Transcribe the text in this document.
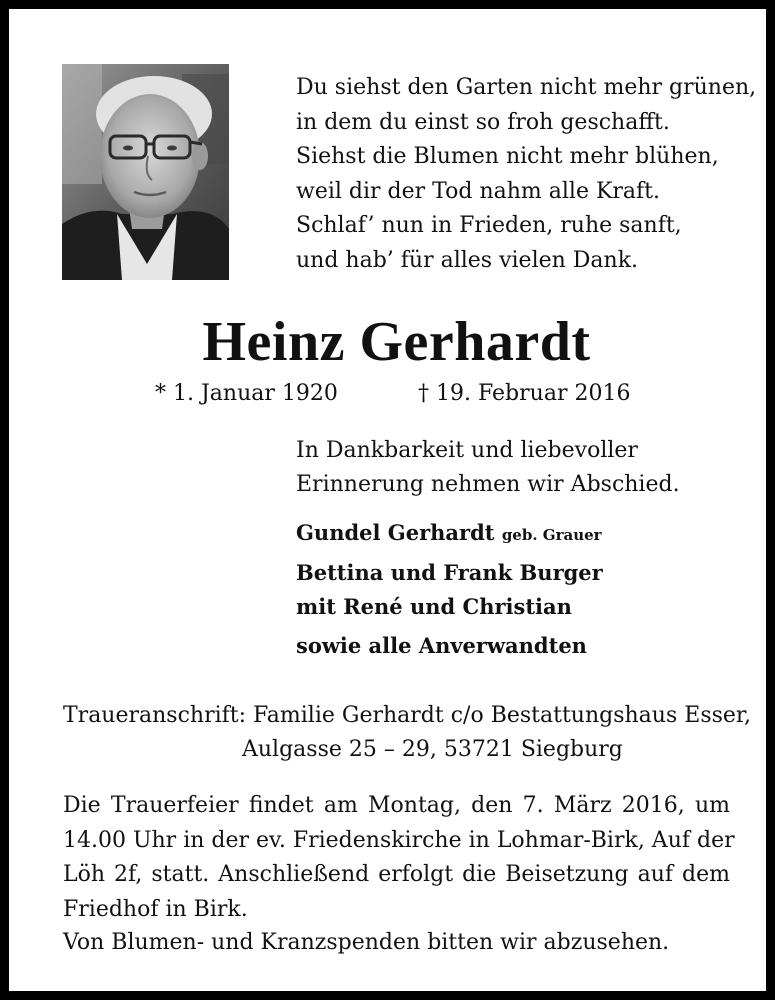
Du siehst den Garten nicht mehr grünen,
in dem du einst so froh geschafft.
Siehst die Blumen nicht mehr blühen,
weil dir der Tod nahm alle Kraft.
Schlaf’ nun in Frieden, ruhe sanft,
und hab’ für alles vielen Dank.
Heinz Gerhardt
* 1. Januar 1920	† 19. Februar 2016
In Dankbarkeit und liebevoller
Erinnerung nehmen wir Abschied.
Gundel Gerhardt geb. Grauer
Bettina und Frank Burger
mit René und Christian
sowie alle Anverwandten
Traueranschrift: Familie Gerhardt c/o Bestattungshaus Esser,
Aulgasse 25 – 29, 53721 Siegburg
Die Trauerfeier findet am Montag, den 7. März 2016, um
14.00 Uhr in der ev. Friedenskirche in Lohmar-Birk, Auf der
Löh 2f, statt. Anschließend erfolgt die Beisetzung auf dem
Friedhof in Birk.
Von Blumen- und Kranzspenden bitten wir abzusehen.
